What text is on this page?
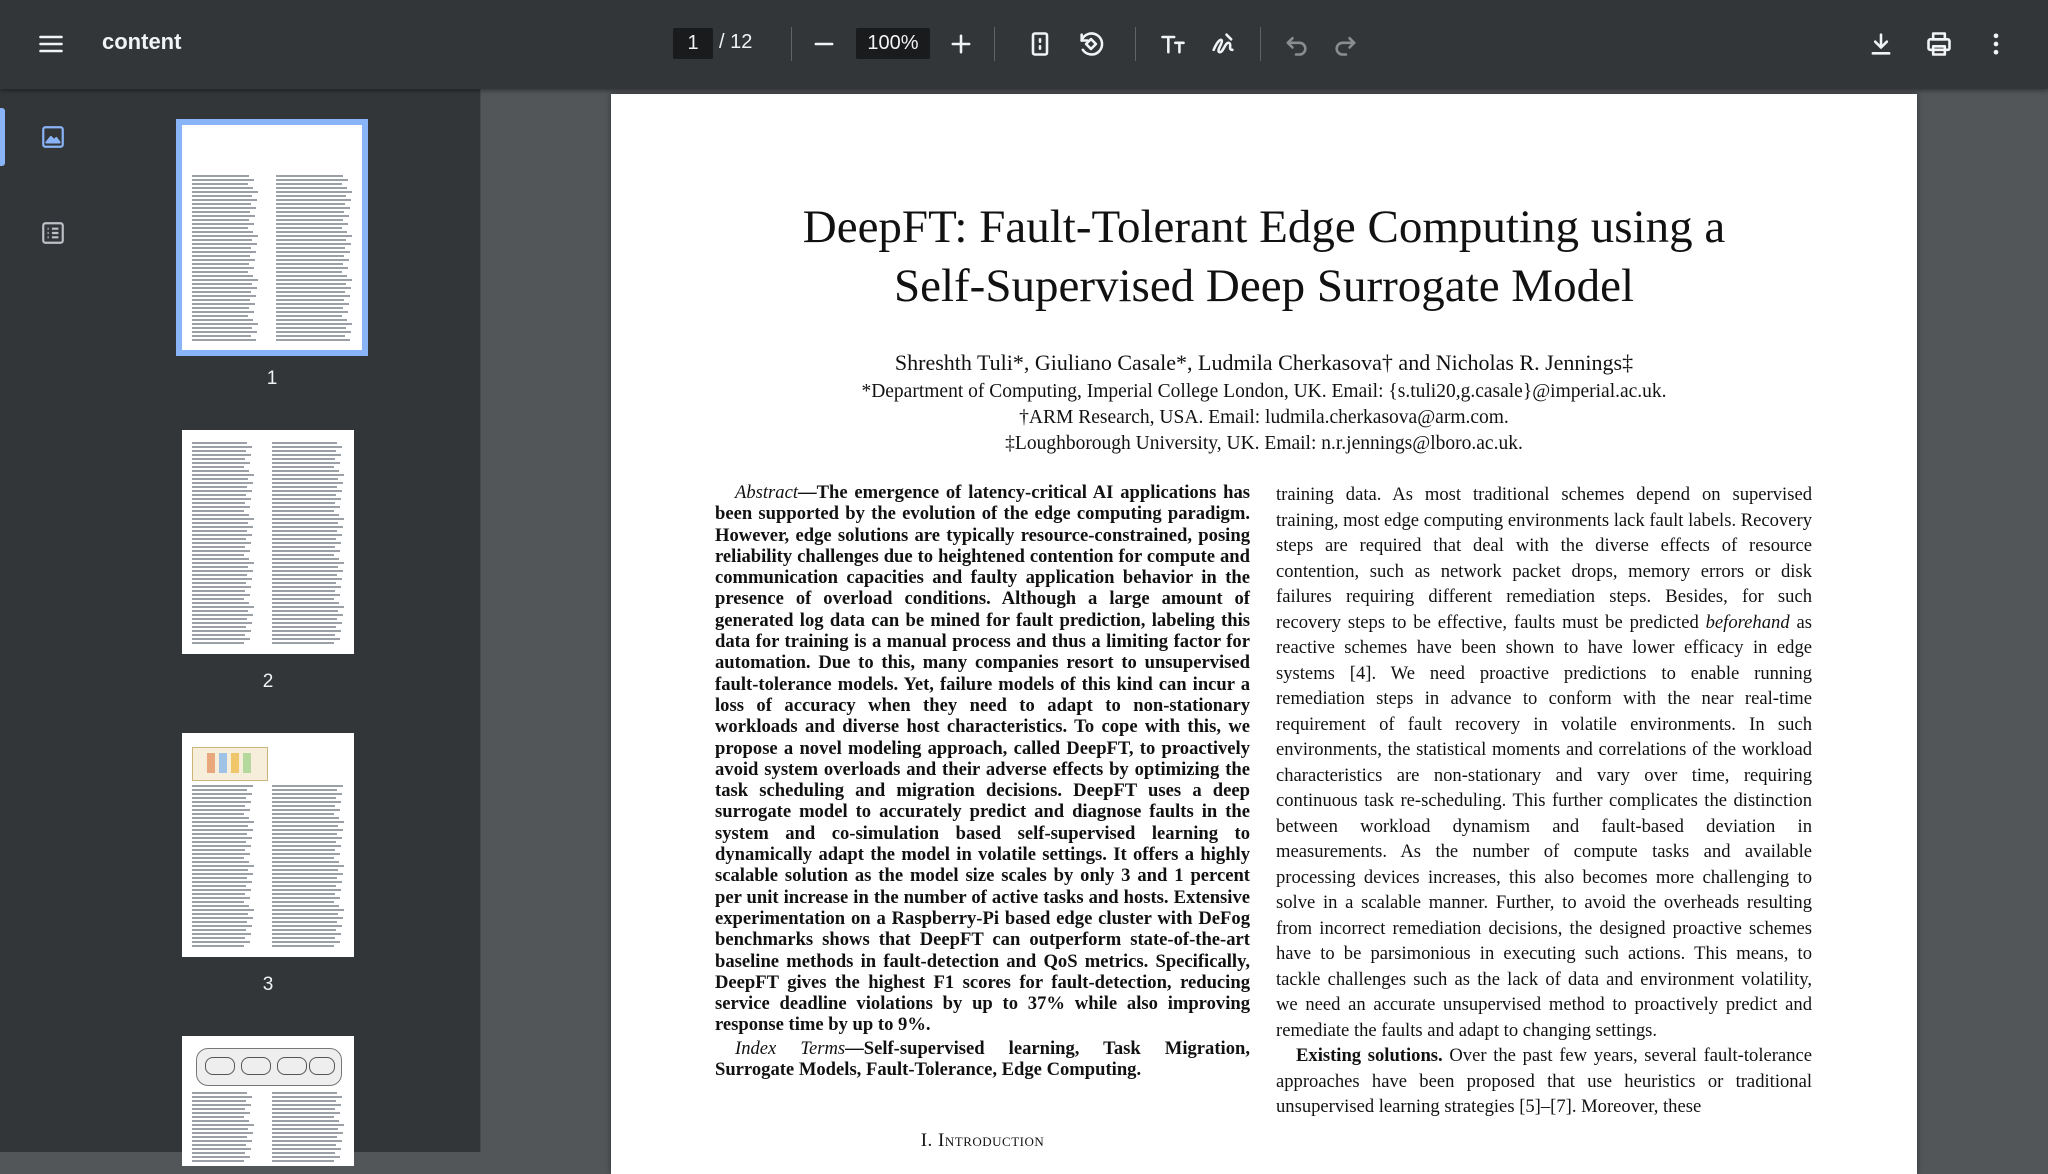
content	1	/ 12	100%
1
2
3
DeepFT: Fault-Tolerant Edge Computing using a
Self-Supervised Deep Surrogate Model
Shreshth Tuli*, Giuliano Casale*, Ludmila Cherkasova† and Nicholas R. Jennings‡
*Department of Computing, Imperial College London, UK. Email: {s.tuli20,g.casale}@imperial.ac.uk.
†ARM Research, USA. Email: ludmila.cherkasova@arm.com.
‡Loughborough University, UK. Email: n.r.jennings@lboro.ac.uk.
Abstract—The emergence of latency-critical AI applications has been supported by the evolution of the edge computing paradigm. However, edge solutions are typically resource-constrained, posing reliability challenges due to heightened contention for compute and communication capacities and faulty application behavior in the presence of overload conditions. Although a large amount of generated log data can be mined for fault prediction, labeling this data for training is a manual process and thus a limiting factor for automation. Due to this, many companies resort to unsupervised fault-tolerance models. Yet, failure models of this kind can incur a loss of accuracy when they need to adapt to non-stationary workloads and diverse host characteristics. To cope with this, we propose a novel modeling approach, called DeepFT, to proactively avoid system overloads and their adverse effects by optimizing the task scheduling and migration decisions. DeepFT uses a deep surrogate model to accurately predict and diagnose faults in the system and co-simulation based self-supervised learning to dynamically adapt the model in volatile settings. It offers a highly scalable solution as the model size scales by only 3 and 1 percent per unit increase in the number of active tasks and hosts. Extensive experimentation on a Raspberry-Pi based edge cluster with DeFog benchmarks shows that DeepFT can outperform state-of-the-art baseline methods in fault-detection and QoS metrics. Specifically, DeepFT gives the highest F1 scores for fault-detection, reducing service deadline violations by up to 37% while also improving response time by up to 9%.
Index Terms—Self-supervised learning, Task Migration, Surrogate Models, Fault-Tolerance, Edge Computing.
I. Introduction
training data. As most traditional schemes depend on supervised training, most edge computing environments lack fault labels. Recovery steps are required that deal with the diverse effects of resource contention, such as network packet drops, memory errors or disk failures requiring different remediation steps. Besides, for such recovery steps to be effective, faults must be predicted beforehand as reactive schemes have been shown to have lower efficacy in edge systems [4]. We need proactive predictions to enable running remediation steps in advance to conform with the near real-time requirement of fault recovery in volatile environments. In such environments, the statistical moments and correlations of the workload characteristics are non-stationary and vary over time, requiring continuous task re-scheduling. This further complicates the distinction between workload dynamism and fault-based deviation in measurements. As the number of compute tasks and available processing devices increases, this also becomes more challenging to solve in a scalable manner. Further, to avoid the overheads resulting from incorrect remediation decisions, the designed proactive schemes have to be parsimonious in executing such actions. This means, to tackle challenges such as the lack of data and environment volatility, we need an accurate unsupervised method to proactively predict and remediate the faults and adapt to changing settings.
Existing solutions. Over the past few years, several fault-tolerance approaches have been proposed that use heuristics or traditional unsupervised learning strategies [5]–[7]. Moreover, these
